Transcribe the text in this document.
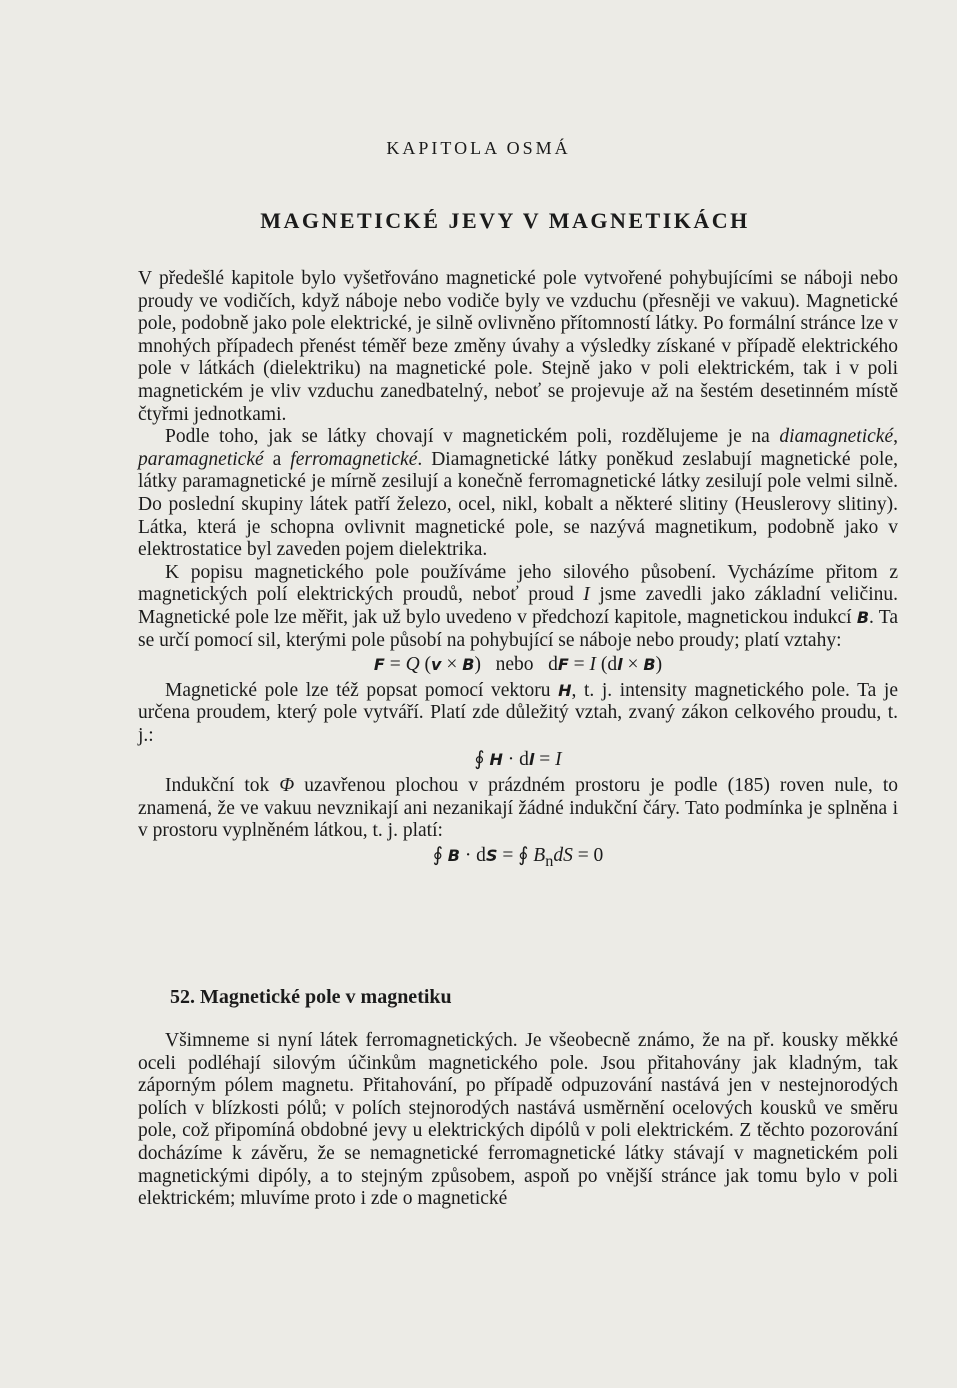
KAPITOLA OSMÁ
MAGNETICKÉ JEVY V MAGNETIKÁCH

V předešlé kapitole bylo vyšetřováno magnetické pole vytvořené pohybujícími se náboji nebo proudy ve vodičích, když náboje nebo vodiče byly ve vzduchu (přesněji ve vakuu). Magnetické pole, podobně jako pole elektrické, je silně ovlivněno přítomností látky. Po formální stránce lze v mnohých případech přenést téměř beze změny úvahy a výsledky získané v případě elektrického pole v látkách (dielektriku) na magnetické pole. Stejně jako v poli elektrickém, tak i v poli magnetickém je vliv vzduchu zanedbatelný, neboť se projevuje až na šestém desetinném místě čtyřmi jednotkami.

Podle toho, jak se látky chovají v magnetickém poli, rozdělujeme je na diamagnetické, paramagnetické a ferromagnetické. Diamagnetické látky poněkud zeslabují magnetické pole, látky paramagnetické je mírně zesilují a konečně ferromagnetické látky zesilují pole velmi silně. Do poslední skupiny látek patří železo, ocel, nikl, kobalt a některé slitiny (Heuslerovy slitiny). Látka, která je schopna ovlivnit magnetické pole, se nazývá magnetikum, podobně jako v elektrostatice byl zaveden pojem dielektrika.

K popisu magnetického pole používáme jeho silového působení. Vycházíme přitom z magnetických polí elektrických proudů, neboť proud I jsme zavedli jako základní veličinu. Magnetické pole lze měřit, jak už bylo uvedeno v předchozí kapitole, magnetickou indukcí B. Ta se určí pomocí sil, kterými pole působí na pohybující se náboje nebo proudy; platí vztahy:

F = Q (v × B)   nebo   dF = I (dl × B)

Magnetické pole lze též popsat pomocí vektoru H, t. j. intensity magnetického pole. Ta je určena proudem, který pole vytváří. Platí zde důležitý vztah, zvaný zákon celkového proudu, t. j.:

∮ H · dl = I

Indukční tok Φ uzavřenou plochou v prázdném prostoru je podle (185) roven nule, to znamená, že ve vakuu nevznikají ani nezanikají žádné indukční čáry. Tato podmínka je splněna i v prostoru vyplněném látkou, t. j. platí:

∮ B · dS = ∮ $B_ndS = 0$
52. Magnetické pole v magnetiku

Všimneme si nyní látek ferromagnetických. Je všeobecně známo, že na př. kousky měkké oceli podléhají silovým účinkům magnetického pole. Jsou přitahovány jak kladným, tak záporným pólem magnetu. Přitahování, po případě odpuzování nastává jen v nestejnorodých polích v blízkosti pólů; v polích stejnorodých nastává usměrnění ocelových kousků ve směru pole, což připomíná obdobné jevy u elektrických dipólů v poli elektrickém. Z těchto pozorování docházíme k závěru, že se nemagnetické ferromagnetické látky stávají v magnetickém poli magnetickými dipóly, a to stejným způsobem, aspoň po vnější stránce jak tomu bylo v poli elektrickém; mluvíme proto i zde o magnetické
